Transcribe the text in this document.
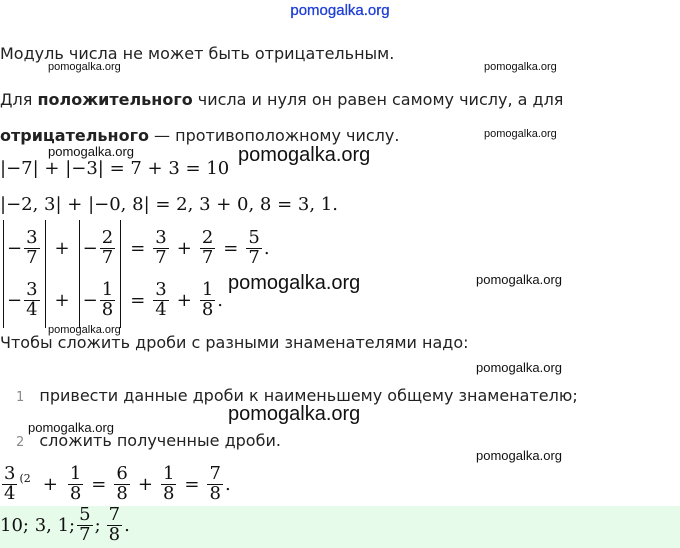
pomogalka.org
Модуль числа не может быть отрицательным.
Для положительного числа и нуля он равен самому числу, а для
отрицательного — противоположному числу.
|−7| + |−3| = 7 + 3 = 10
|−2, 3| + |−0, 8| = 2, 3 + 0, 8 = 3, 1.
− $\frac{3}{7}$ + − $\frac{2}{7} = \frac{3}{7} + \frac{2}{7} = \frac{5}{7}$ .
− $\frac{3}{4}$ + − $\frac{1}{8} = \frac{3}{4} + \frac{1}{8}$ .
Чтобы сложить дроби с разными знаменателями надо:
1 привести данные дроби к наименьшему общему знаменателю;
2 сложить полученные дроби.
$\frac{3}{4} (2 + \frac{1}{8} = \frac{6}{8} + \frac{1}{8} = \frac{7}{8}$ .
10; 3, 1; $\frac{5}{7}$ ; $\frac{7}{8}$ .
pomogalka.org	pomogalka.org
pomogalka.org
pomogalka.org	pomogalka.org
pomogalka.org
pomogalka.org
pomogalka.org
pomogalka.org
pomogalka.org
pomogalka.org
pomogalka.org
